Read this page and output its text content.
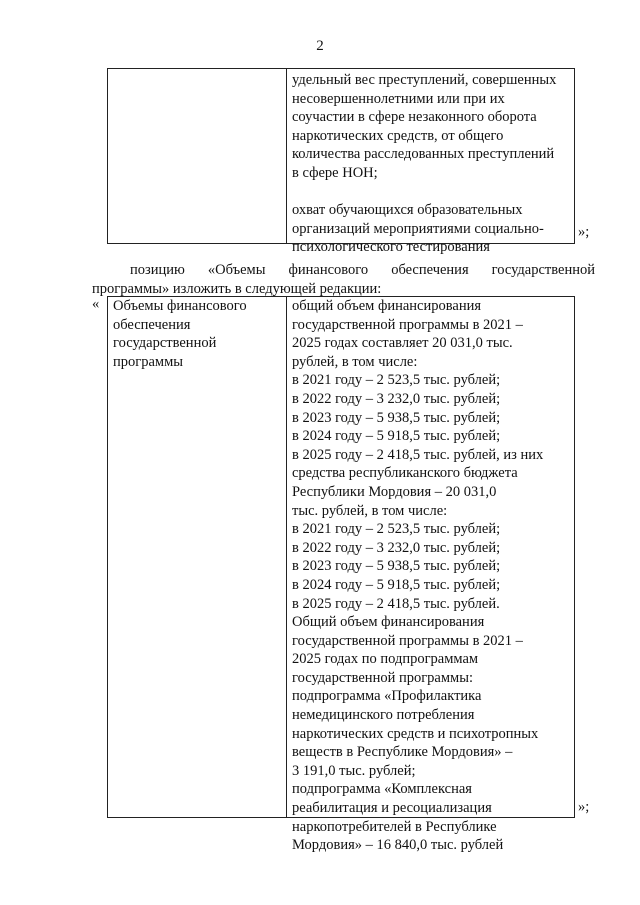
2
удельный вес преступлений, совершенных
несовершеннолетними или при их
соучастии в сфере незаконного оборота
наркотических средств, от общего
количества расследованных преступлений
в сфере НОН;
охват обучающихся образовательных
организаций мероприятиями социально-
психологического тестирования
»;
позицию «Объемы финансового обеспечения государственной
программы» изложить в следующей редакции:
« Объемы финансового
обеспечения
государственной
программы
общий объем финансирования
государственной программы в 2021 –
2025 годах составляет 20 031,0 тыс.
рублей, в том числе:
в 2021 году – 2 523,5 тыс. рублей;
в 2022 году – 3 232,0 тыс. рублей;
в 2023 году – 5 938,5 тыс. рублей;
в 2024 году – 5 918,5 тыс. рублей;
в 2025 году – 2 418,5 тыс. рублей, из них
средства республиканского бюджета
Республики Мордовия – 20 031,0
тыс. рублей, в том числе:
в 2021 году – 2 523,5 тыс. рублей;
в 2022 году – 3 232,0 тыс. рублей;
в 2023 году – 5 938,5 тыс. рублей;
в 2024 году – 5 918,5 тыс. рублей;
в 2025 году – 2 418,5 тыс. рублей.
Общий объем финансирования
государственной программы в 2021 –
2025 годах по подпрограммам
государственной программы:
подпрограмма «Профилактика
немедицинского потребления
наркотических средств и психотропных
веществ в Республике Мордовия» –
3 191,0 тыс. рублей;
подпрограмма «Комплексная
реабилитация и ресоциализация
наркопотребителей в Республике
Мордовия» – 16 840,0 тыс. рублей
»;
